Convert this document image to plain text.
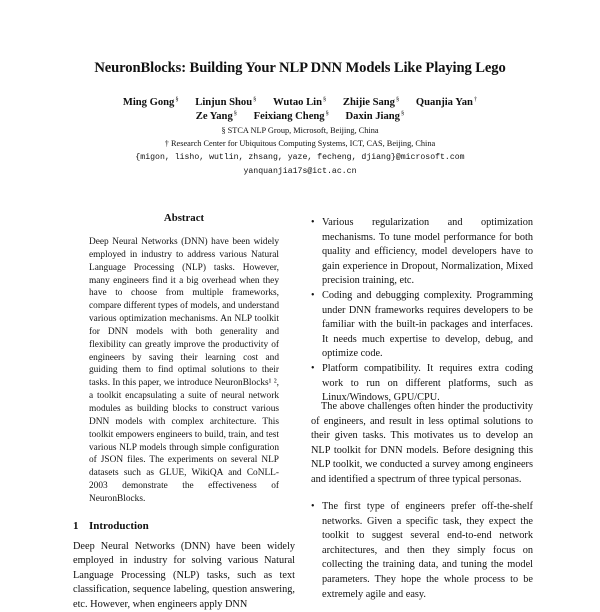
NeuronBlocks: Building Your NLP DNN Models Like Playing Lego
Ming Gong§ Linjun Shou§ Wutao Lin§ Zhijie Sang§ Quanjia Yan†
Ze Yang§ Feixiang Cheng§ Daxin Jiang§
§ STCA NLP Group, Microsoft, Beijing, China
† Research Center for Ubiquitous Computing Systems, ICT, CAS, Beijing, China
{migon, lisho, wutlin, zhsang, yaze, fecheng, djiang}@microsoft.com
yanquanjia17s@ict.ac.cn
Abstract
Deep Neural Networks (DNN) have been widely employed in industry to address various Natural Language Processing (NLP) tasks. However, many engineers find it a big overhead when they have to choose from multiple frameworks, compare different types of models, and understand various optimization mechanisms. An NLP toolkit for DNN models with both generality and flexibility can greatly improve the productivity of engineers by saving their learning cost and guiding them to find optimal solutions to their tasks. In this paper, we introduce NeuronBlocks¹ ², a toolkit encapsulating a suite of neural network modules as building blocks to construct various DNN models with complex architecture. This toolkit empowers engineers to build, train, and test various NLP models through simple configuration of JSON files. The experiments on several NLP datasets such as GLUE, WikiQA and CoNLL-2003 demonstrate the effectiveness of NeuronBlocks.
1 Introduction
Deep Neural Networks (DNN) have been widely employed in industry for solving various Natural Language Processing (NLP) tasks, such as text classification, sequence labeling, question answering, etc. However, when engineers apply DNN
• Various regularization and optimization mechanisms. To tune model performance for both quality and efficiency, model developers have to gain experience in Dropout, Normalization, Mixed precision training, etc.
• Coding and debugging complexity. Programming under DNN frameworks requires developers to be familiar with the built-in packages and interfaces. It needs much expertise to develop, debug, and optimize code.
• Platform compatibility. It requires extra coding work to run on different platforms, such as Linux/Windows, GPU/CPU.
The above challenges often hinder the productivity of engineers, and result in less optimal solutions to their given tasks. This motivates us to develop an NLP toolkit for DNN models. Before designing this NLP toolkit, we conducted a survey among engineers and identified a spectrum of three typical personas.
• The first type of engineers prefer off-the-shelf networks. Given a specific task, they expect the toolkit to suggest several end-to-end network architectures, and then they simply focus on collecting the training data, and tuning the model parameters. They hope the whole process to be extremely agile and easy.
